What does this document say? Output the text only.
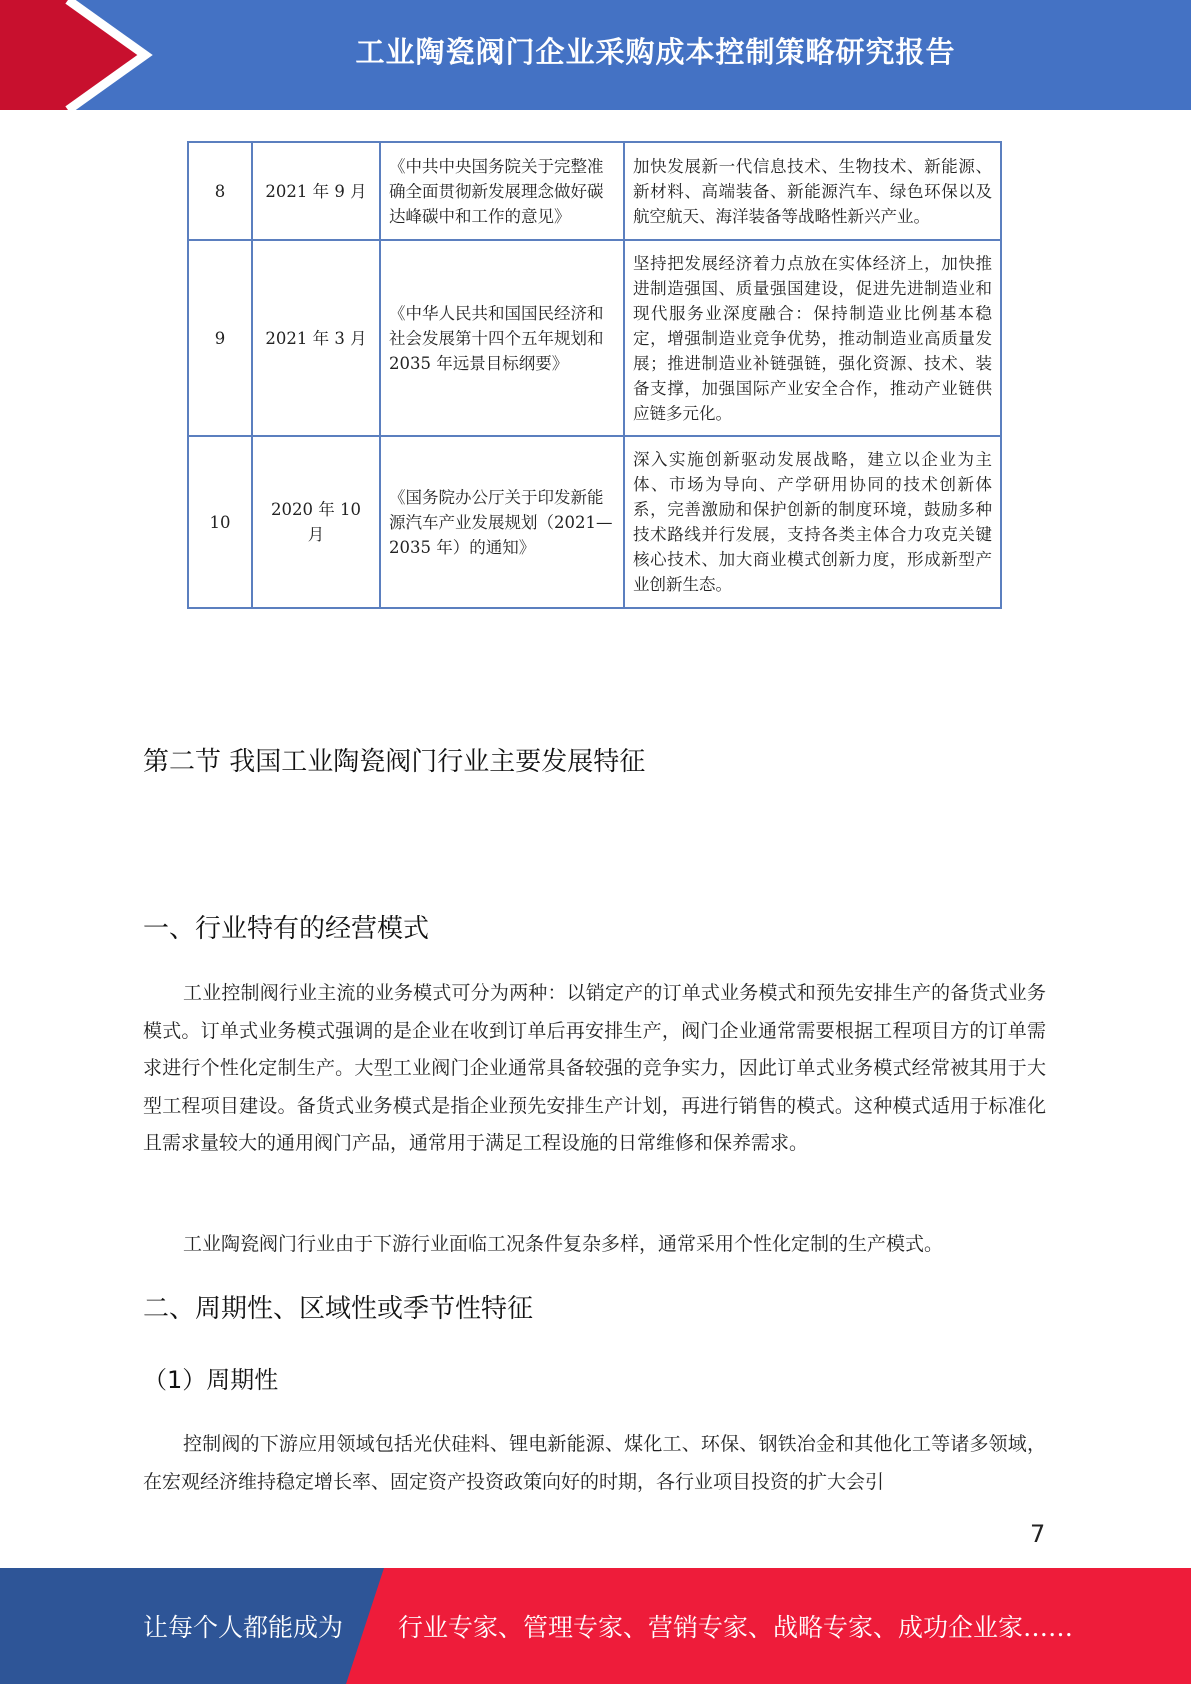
工业陶瓷阀门企业采购成本控制策略研究报告
8	2021 年 9 月	《中共中央国务院关于完整准确全面贯彻新发展理念做好碳达峰碳中和工作的意见》	加快发展新一代信息技术、生物技术、新能源、新材料、高端装备、新能源汽车、绿色环保以及航空航天、海洋装备等战略性新兴产业。
9	2021 年 3 月	《中华人民共和国国民经济和社会发展第十四个五年规划和 2035 年远景目标纲要》	坚持把发展经济着力点放在实体经济上，加快推进制造强国、质量强国建设，促进先进制造业和现代服务业深度融合：保持制造业比例基本稳定，增强制造业竞争优势，推动制造业高质量发展；推进制造业补链强链，强化资源、技术、装备支撑，加强国际产业安全合作，推动产业链供应链多元化。
10	2020 年 10 月	《国务院办公厅关于印发新能源汽车产业发展规划（2021—2035 年）的通知》	深入实施创新驱动发展战略，建立以企业为主体、市场为导向、产学研用协同的技术创新体系，完善激励和保护创新的制度环境，鼓励多种技术路线并行发展，支持各类主体合力攻克关键核心技术、加大商业模式创新力度，形成新型产业创新生态。
第二节 我国工业陶瓷阀门行业主要发展特征
一、行业特有的经营模式

工业控制阀行业主流的业务模式可分为两种：以销定产的订单式业务模式和预先安排生产的备货式业务模式。订单式业务模式强调的是企业在收到订单后再安排生产，阀门企业通常需要根据工程项目方的订单需求进行个性化定制生产。大型工业阀门企业通常具备较强的竞争实力，因此订单式业务模式经常被其用于大型工程项目建设。备货式业务模式是指企业预先安排生产计划，再进行销售的模式。这种模式适用于标准化且需求量较大的通用阀门产品，通常用于满足工程设施的日常维修和保养需求。

工业陶瓷阀门行业由于下游行业面临工况条件复杂多样，通常采用个性化定制的生产模式。

二、周期性、区域性或季节性特征
（1）周期性

控制阀的下游应用领域包括光伏硅料、锂电新能源、煤化工、环保、钢铁冶金和其他化工等诸多领域，在宏观经济维持稳定增长率、固定资产投资政策向好的时期，各行业项目投资的扩大会引

7
让每个人都能成为 行业专家、管理专家、营销专家、战略专家、成功企业家……
